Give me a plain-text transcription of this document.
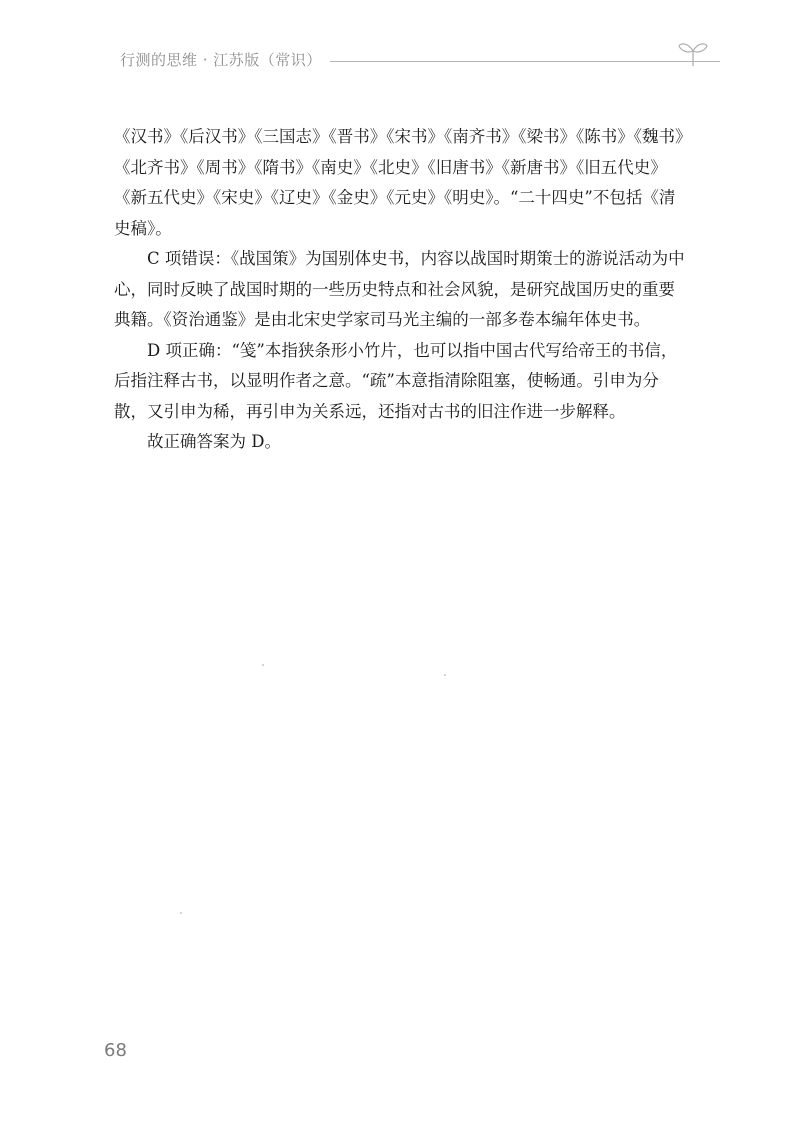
行测的思维 · 江苏版（常识）

《汉书》《后汉书》《三国志》《晋书》《宋书》《南齐书》《梁书》《陈书》《魏书》《北齐书》《周书》《隋书》《南史》《北史》《旧唐书》《新唐书》《旧五代史》《新五代史》《宋史》《辽史》《金史》《元史》《明史》。“二十四史”不包括《清史稿》。

C 项错误：《战国策》为国别体史书，内容以战国时期策士的游说活动为中心，同时反映了战国时期的一些历史特点和社会风貌，是研究战国历史的重要典籍。《资治通鉴》是由北宋史学家司马光主编的一部多卷本编年体史书。

D 项正确：“笺”本指狭条形小竹片，也可以指中国古代写给帝王的书信，后指注释古书，以显明作者之意。“疏”本意指清除阻塞，使畅通。引申为分散，又引申为稀，再引申为关系远，还指对古书的旧注作进一步解释。

故正确答案为 D。

68
